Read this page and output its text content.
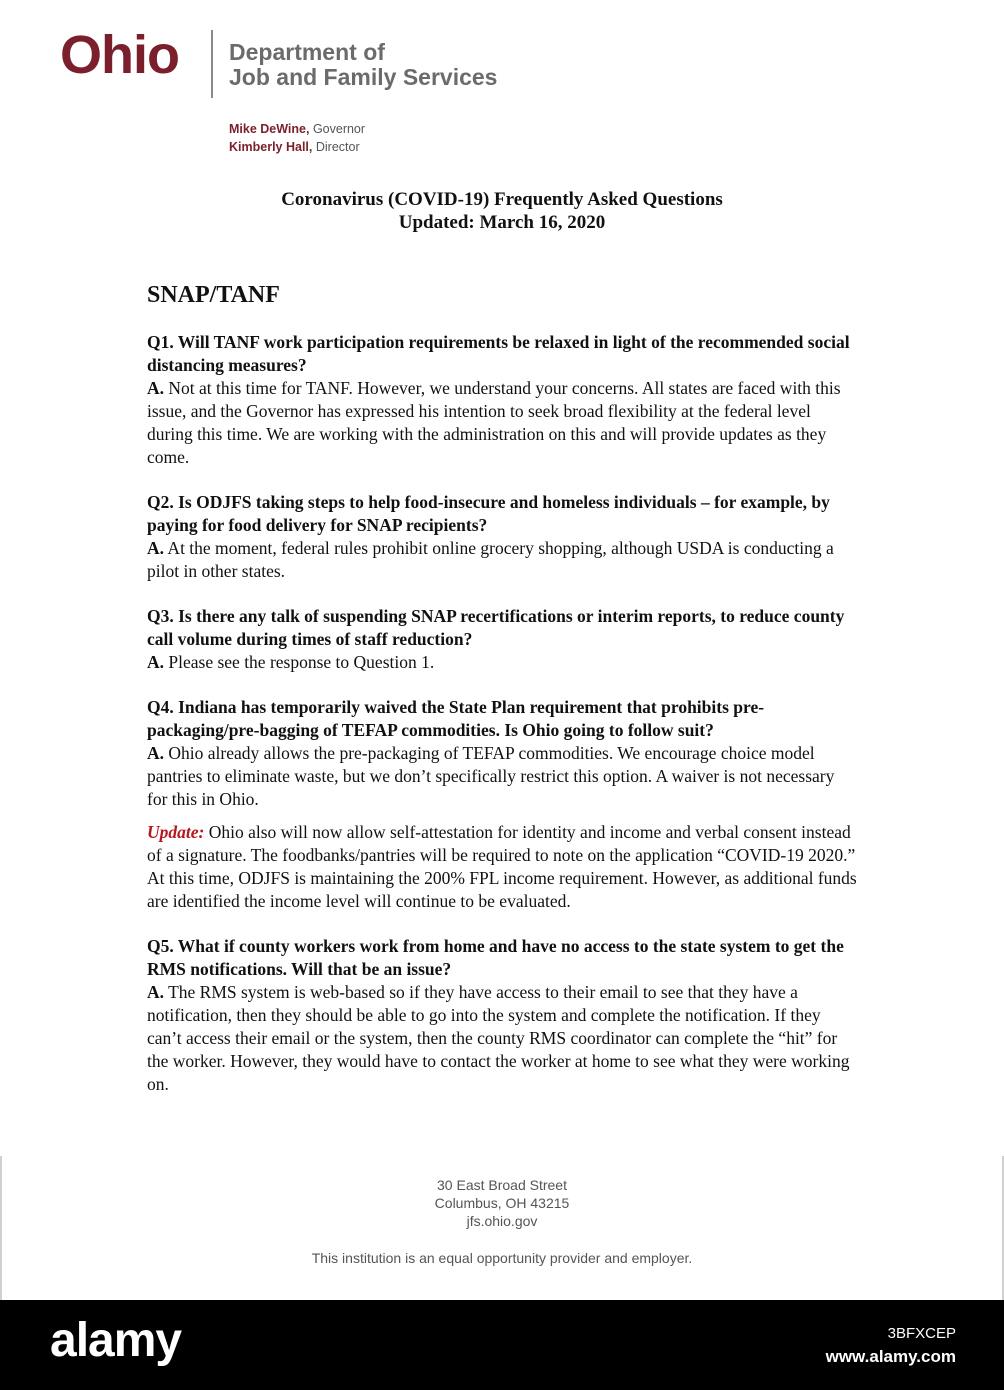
Ohio Department of
Job and Family Services
Mike DeWine, Governor
Kimberly Hall, Director
Coronavirus (COVID-19) Frequently Asked Questions
Updated: March 16, 2020
SNAP/TANF

Q1. Will TANF work participation requirements be relaxed in light of the recommended social distancing measures?

A. Not at this time for TANF. However, we understand your concerns. All states are faced with this issue, and the Governor has expressed his intention to seek broad flexibility at the federal level during this time. We are working with the administration on this and will provide updates as they come.

Q2. Is ODJFS taking steps to help food-insecure and homeless individuals – for example, by paying for food delivery for SNAP recipients?

A. At the moment, federal rules prohibit online grocery shopping, although USDA is conducting a pilot in other states.

Q3. Is there any talk of suspending SNAP recertifications or interim reports, to reduce county call volume during times of staff reduction?

A. Please see the response to Question 1.

Q4. Indiana has temporarily waived the State Plan requirement that prohibits pre-packaging/pre-bagging of TEFAP commodities. Is Ohio going to follow suit?

A. Ohio already allows the pre-packaging of TEFAP commodities. We encourage choice model pantries to eliminate waste, but we don’t specifically restrict this option. A waiver is not necessary for this in Ohio.

Update: Ohio also will now allow self-attestation for identity and income and verbal consent instead of a signature. The foodbanks/pantries will be required to note on the application “COVID-19 2020.” At this time, ODJFS is maintaining the 200% FPL income requirement. However, as additional funds are identified the income level will continue to be evaluated.

Q5. What if county workers work from home and have no access to the state system to get the RMS notifications. Will that be an issue?

A. The RMS system is web-based so if they have access to their email to see that they have a notification, then they should be able to go into the system and complete the notification. If they can’t access their email or the system, then the county RMS coordinator can complete the “hit” for the worker. However, they would have to contact the worker at home to see what they were working on.

30 East Broad Street
Columbus, OH 43215
jfs.ohio.gov
This institution is an equal opportunity provider and employer.
alamy	3BFXCEP
www.alamy.com
